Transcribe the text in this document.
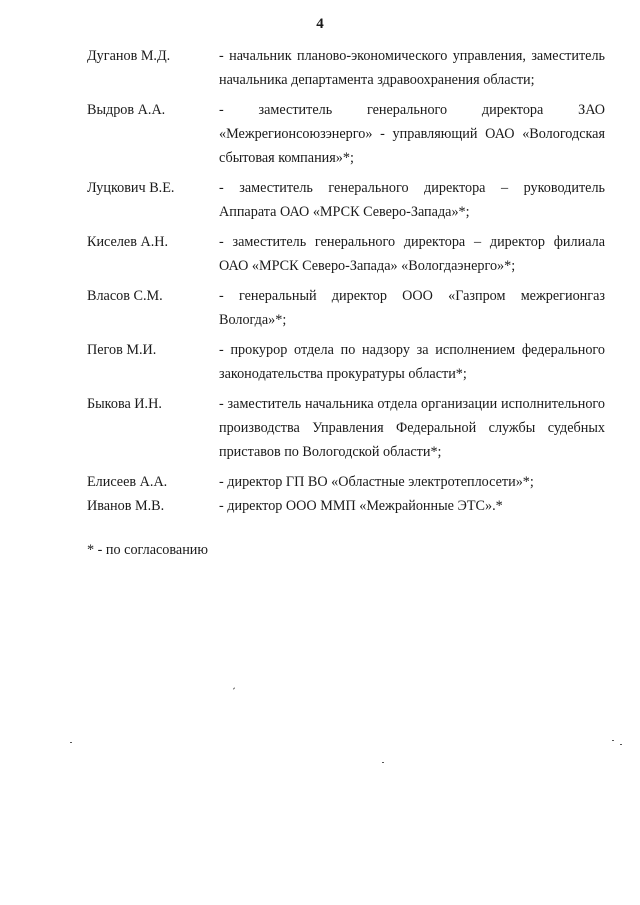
4
Дуганов М.Д.	- начальник планово-экономического управления, заместитель начальника департамента здравоохранения области;
Выдров А.А.	- заместитель генерального директора ЗАО «Межрегионсоюзэнерго» - управляющий ОАО «Вологодская сбытовая компания»*;
Луцкович В.Е.	- заместитель генерального директора – руководитель Аппарата ОАО «МРСК Северо-Запада»*;
Киселев А.Н.	- заместитель генерального директора – директор филиала ОАО «МРСК Северо-Запада» «Вологдаэнерго»*;
Власов С.М.	- генеральный директор ООО «Газпром межрегионгаз Вологда»*;
Пегов М.И.	- прокурор отдела по надзору за исполнением федерального законодательства прокуратуры области*;
Быкова И.Н.	- заместитель начальника отдела организации исполнительного производства Управления Федеральной службы судебных приставов по Вологодской области*;
Елисеев А.А.	- директор ГП ВО «Областные электротеплосети»*;
Иванов М.В.	- директор ООО ММП «Межрайонные ЭТС».*
* - по согласованию
